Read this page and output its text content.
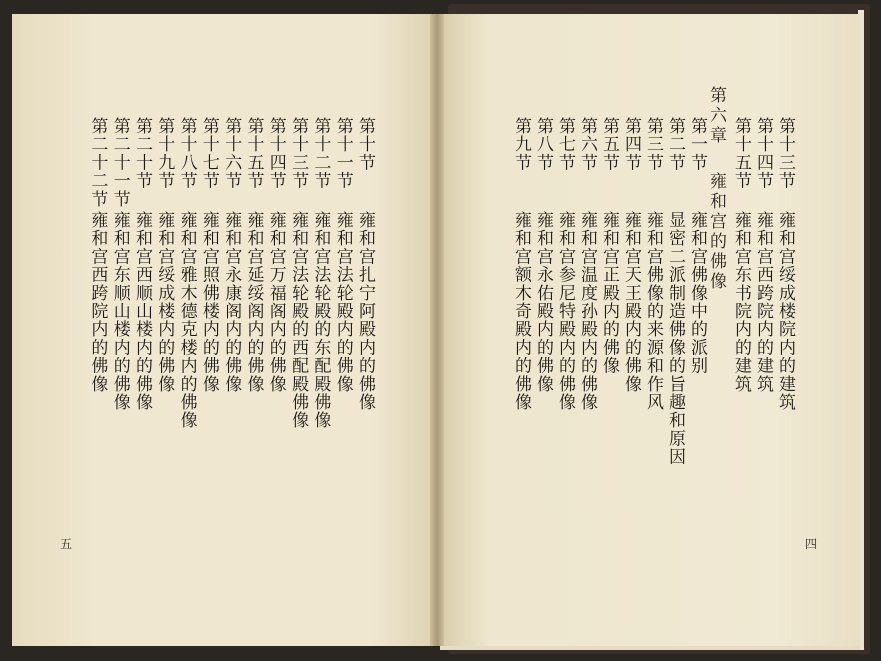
第十节
雍和宫扎宁阿殿内的佛像
第十一节
雍和宫法轮殿内的佛像
第十二节
雍和宫法轮殿的东配殿佛像
第十三节
雍和宫法轮殿的西配殿佛像
第十四节
雍和宫万福阁内的佛像
第十五节
雍和宫延绥阁内的佛像
第十六节
雍和宫永康阁内的佛像
第十七节
雍和宫照佛楼内的佛像
第十八节
雍和宫雅木德克楼内的佛像
第十九节
雍和宫绥成楼内的佛像
第二十节
雍和宫西顺山楼内的佛像
第二十一节
雍和宫东顺山楼内的佛像
第二十二节
雍和宫西跨院内的佛像
第十三节
雍和宫绥成楼院内的建筑
第十四节
雍和宫西跨院内的建筑
第十五节
雍和宫东书院内的建筑
第六章
雍和宫的佛像
第一节
雍和宫佛像中的派别
第二节
显密二派制造佛像的旨趣和原因
第三节
雍和宫佛像的来源和作风
第四节
雍和宫天王殿内的佛像
第五节
雍和宫正殿内的佛像
第六节
雍和宫温度孙殿内的佛像
第七节
雍和宫参尼特殿内的佛像
第八节
雍和宫永佑殿内的佛像
第九节
雍和宫额木奇殿内的佛像
五	四
